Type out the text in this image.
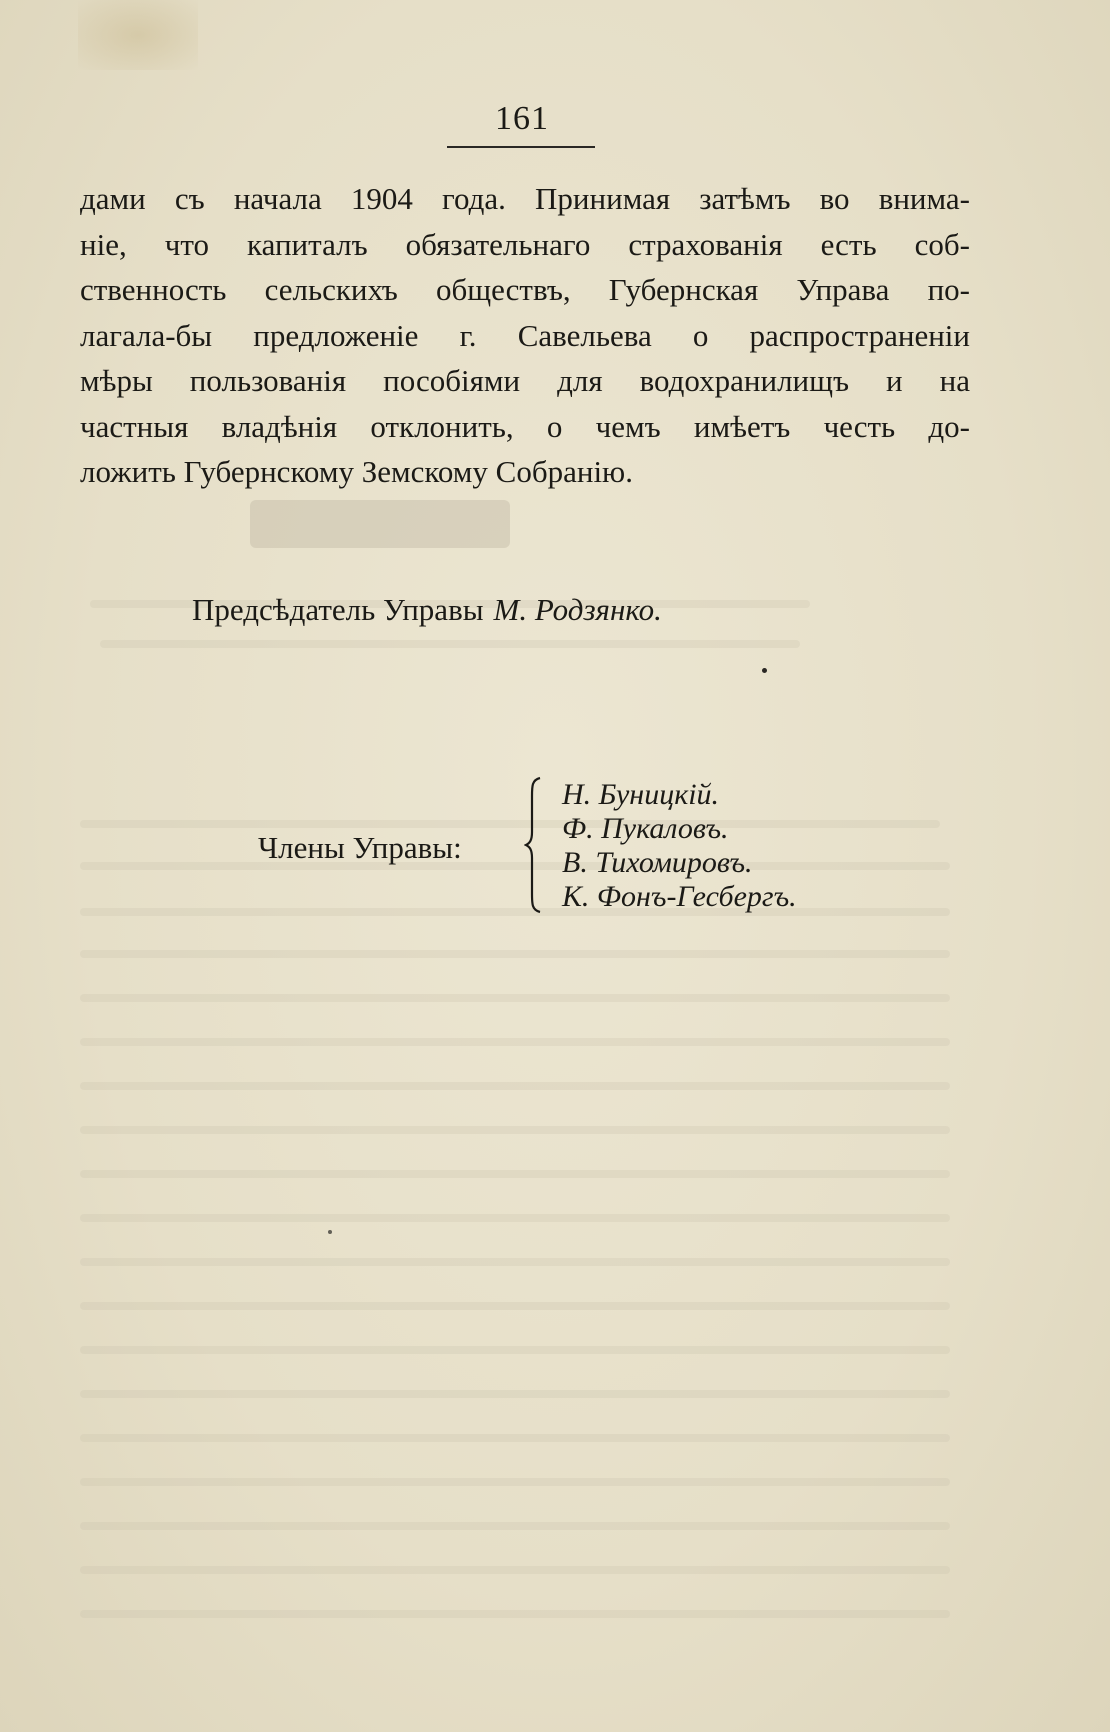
161
дами съ начала 1904 года. Принимая затѣмъ во внима-
ніе, что капиталъ обязательнаго страхованія есть соб-
ственность сельскихъ обществъ, Губернская Управа по-
лагала-бы предложеніе г. Савельева о распространеніи
мѣры пользованія пособіями для водохранилищъ и на
частныя владѣнія отклонить, о чемъ имѣетъ честь до-
ложить Губернскому Земскому Собранію.
Предсѣдатель Управы М. Родзянко.
Члены Управы:
Н. Буницкій.
Ф. Пукаловъ.
В. Тихомировъ.
К. Фонъ-Гесбергъ.
